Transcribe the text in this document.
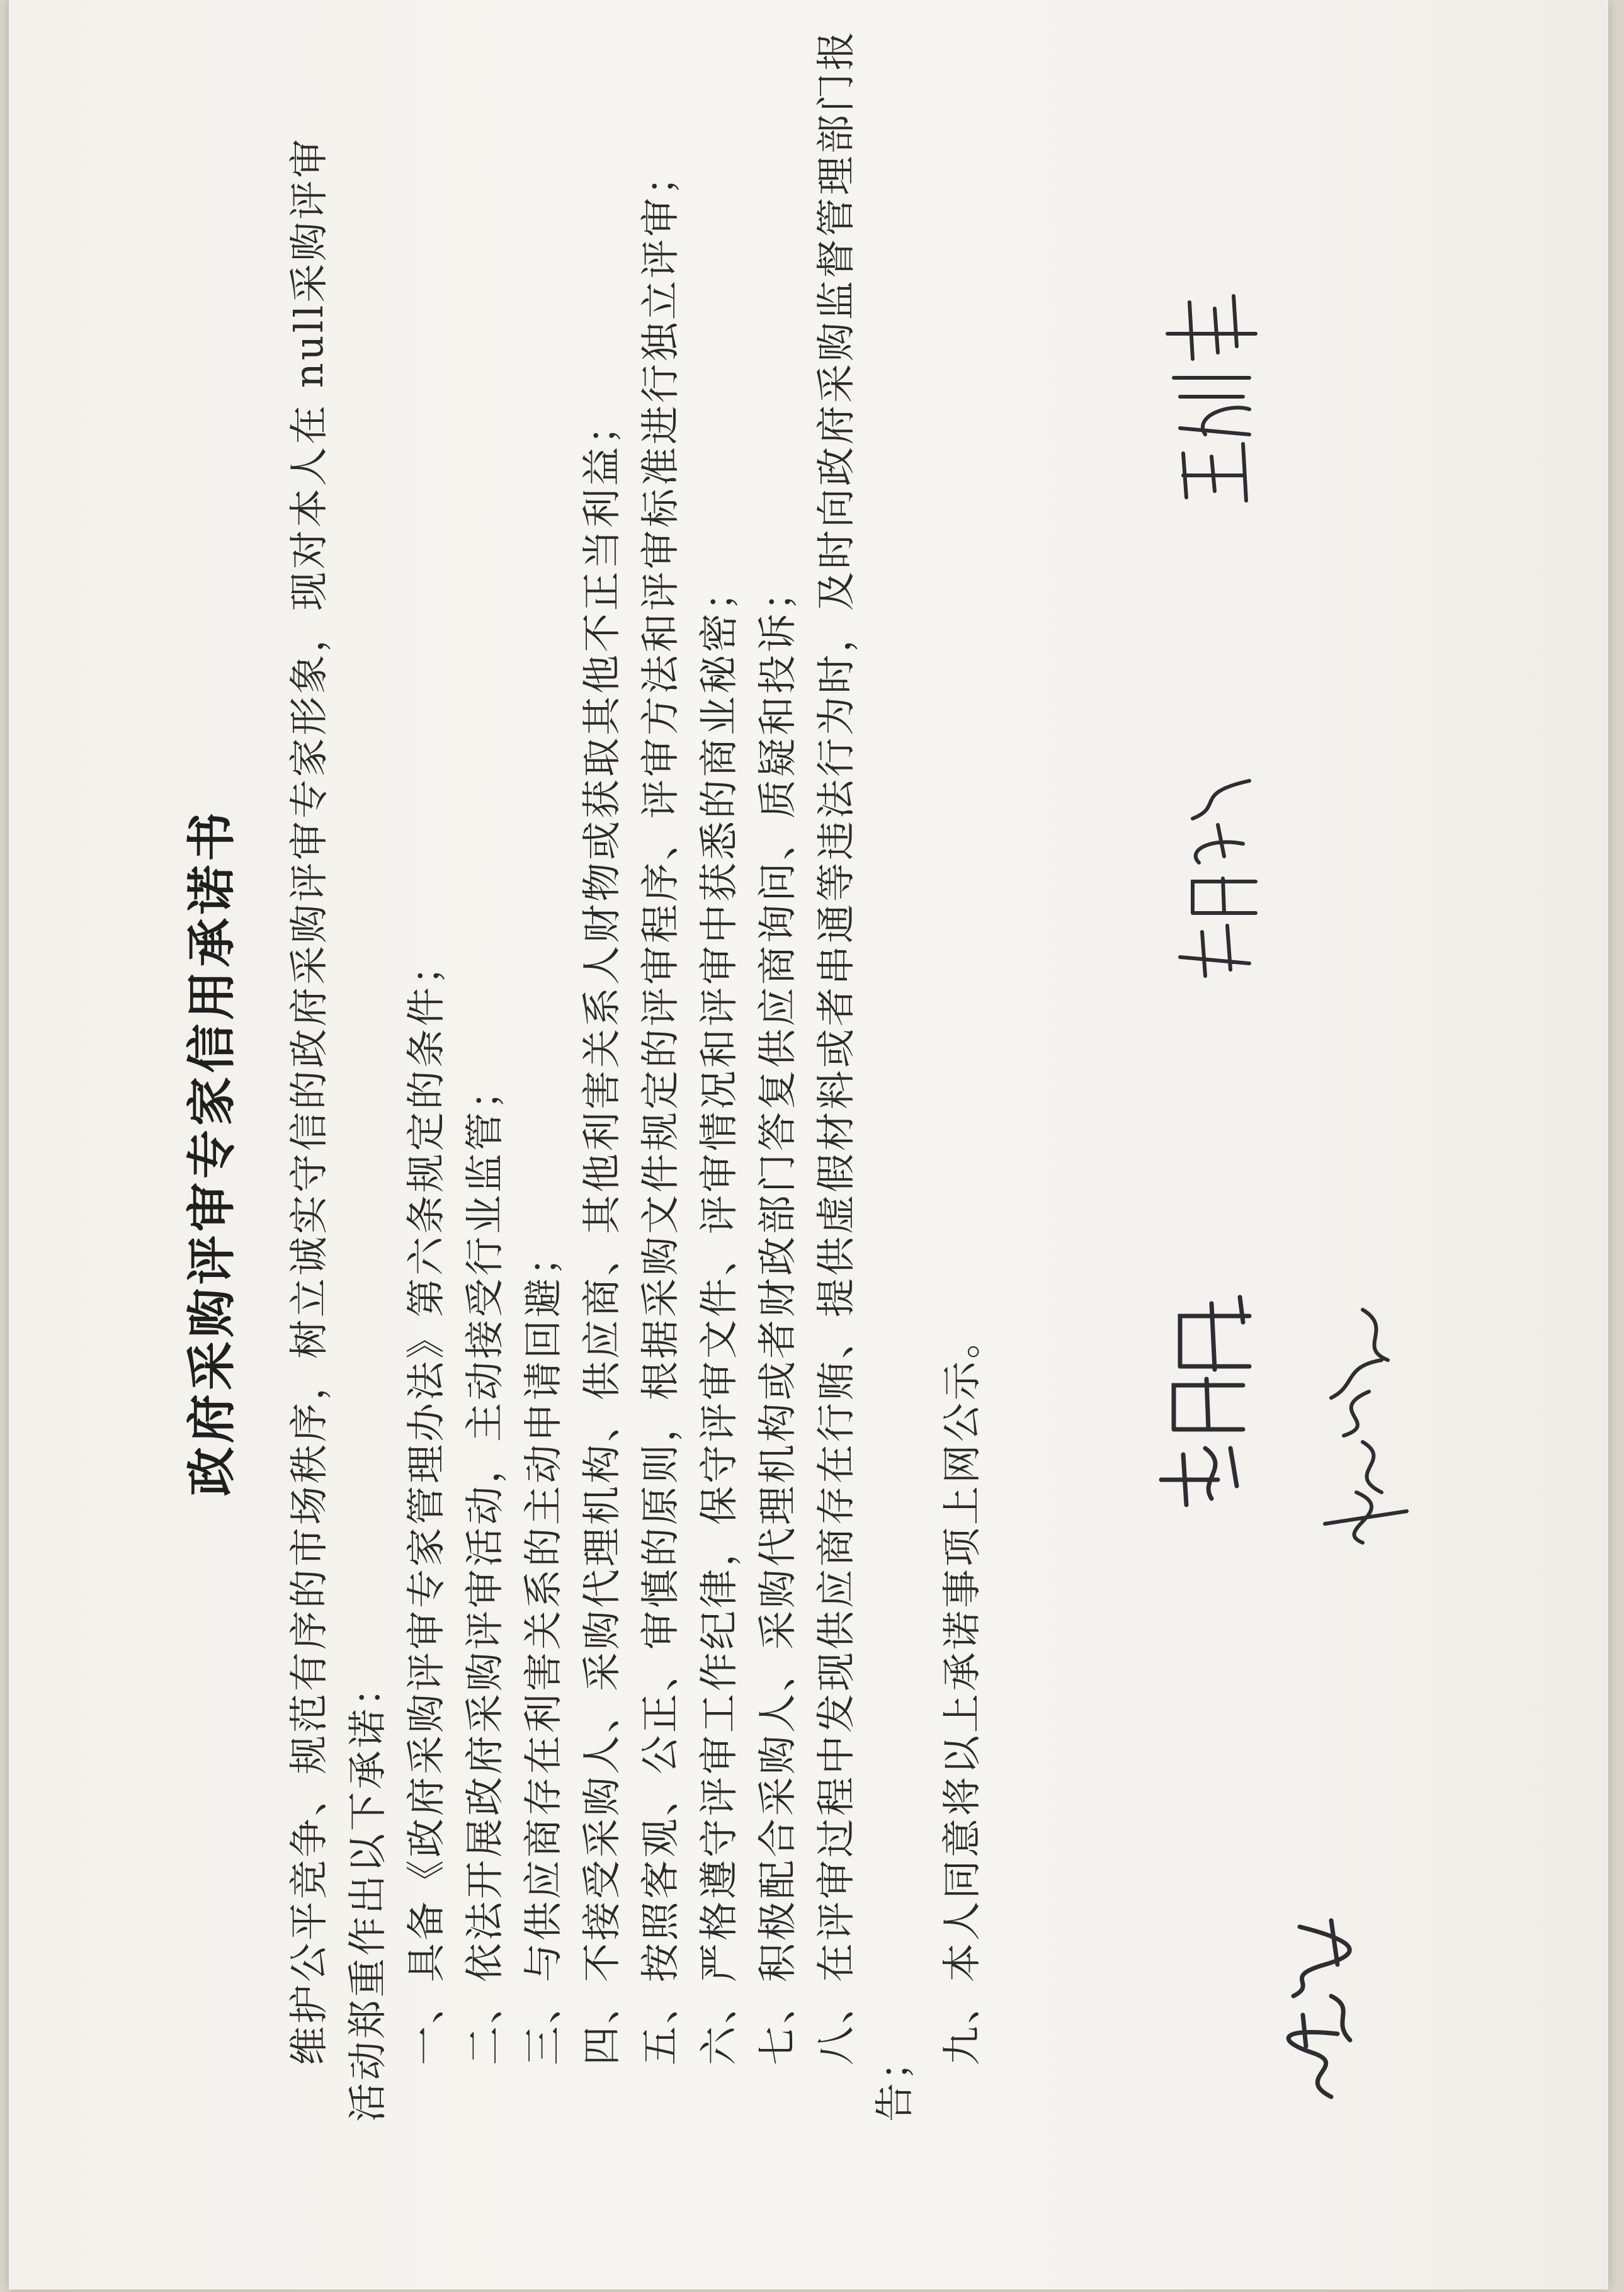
政府采购评审专家信用承诺书 维护公平竞争、规范有序的市场秩序，树立诚实守信的政府采购评审专家形象，现对本人在 null采购评审 活动郑重作出以下承诺： 一、具备《政府采购评审专家管理办法》第六条规定的条件； 二、依法开展政府采购评审活动，主动接受行业监管； 三、与供应商存在利害关系的主动申请回避； 四、不接受采购人、采购代理机构、供应商、其他利害关系人财物或获取其他不正当利益； 五、按照客观、公正、审慎的原则，根据采购文件规定的评审程序、评审方法和评审标准进行独立评审； 六、严格遵守评审工作纪律，保守评审文件、评审情况和评审中获悉的商业秘密； 七、积极配合采购人、采购代理机构或者财政部门答复供应商询问、质疑和投诉； 八、在评审过程中发现供应商存在行贿、提供虚假材料或者串通等违法行为时，及时向政府采购监督管理部门报

告；

九、本人同意将以上承诺事项上网公示。
